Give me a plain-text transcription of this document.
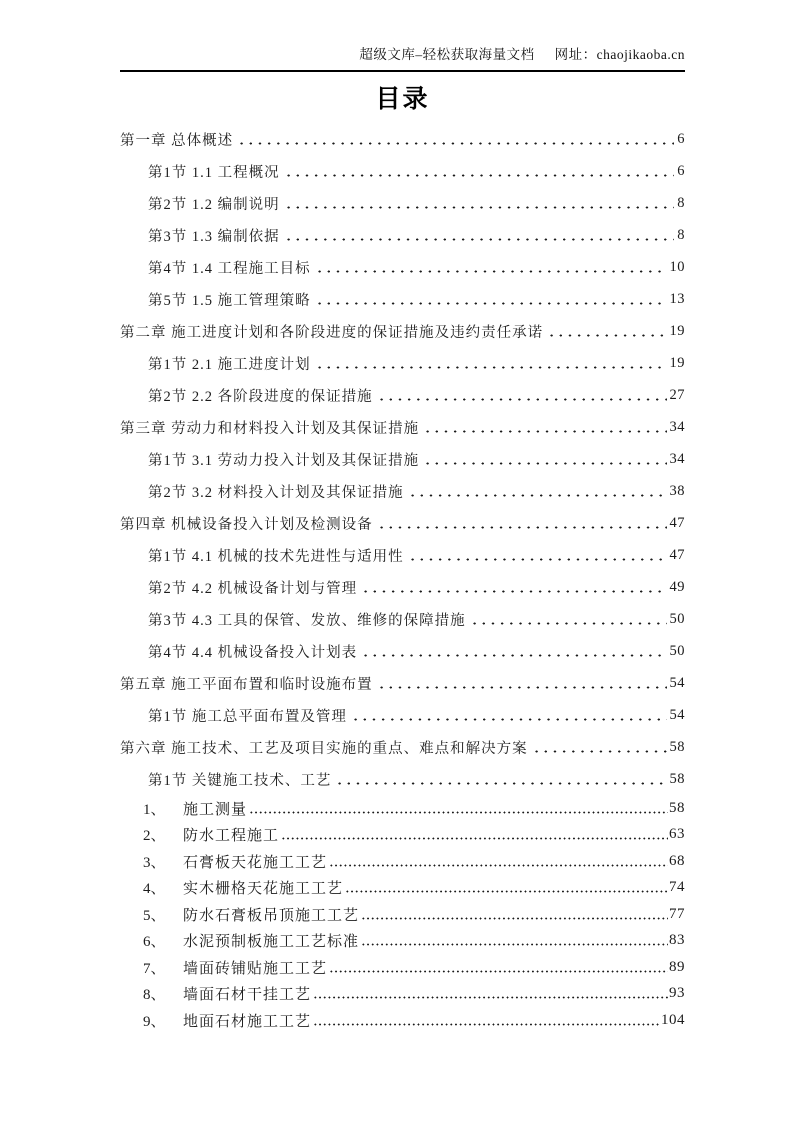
超级文库–轻松获取海量文档 网址：chaojikaoba.cn
目录
第一章 总体概述	6
第1节 1.1 工程概况	6
第2节 1.2 编制说明	8
第3节 1.3 编制依据	8
第4节 1.4 工程施工目标	10
第5节 1.5 施工管理策略	13
第二章 施工进度计划和各阶段进度的保证措施及违约责任承诺	19
第1节 2.1 施工进度计划	19
第2节 2.2 各阶段进度的保证措施	27
第三章 劳动力和材料投入计划及其保证措施	34
第1节 3.1 劳动力投入计划及其保证措施	34
第2节 3.2 材料投入计划及其保证措施	38
第四章 机械设备投入计划及检测设备	47
第1节 4.1 机械的技术先进性与适用性	47
第2节 4.2 机械设备计划与管理	49
第3节 4.3 工具的保管、发放、维修的保障措施	50
第4节 4.4 机械设备投入计划表	50
第五章 施工平面布置和临时设施布置	54
第1节 施工总平面布置及管理	54
第六章 施工技术、工艺及项目实施的重点、难点和解决方案	58
第1节 关键施工技术、工艺	58
1、	施工测量	58
2、	防水工程施工	63
3、	石膏板天花施工工艺	68
4、	实木栅格天花施工工艺	74
5、	防水石膏板吊顶施工工艺	77
6、	水泥预制板施工工艺标准	83
7、	墙面砖铺贴施工工艺	89
8、	墙面石材干挂工艺	93
9、	地面石材施工工艺	104
